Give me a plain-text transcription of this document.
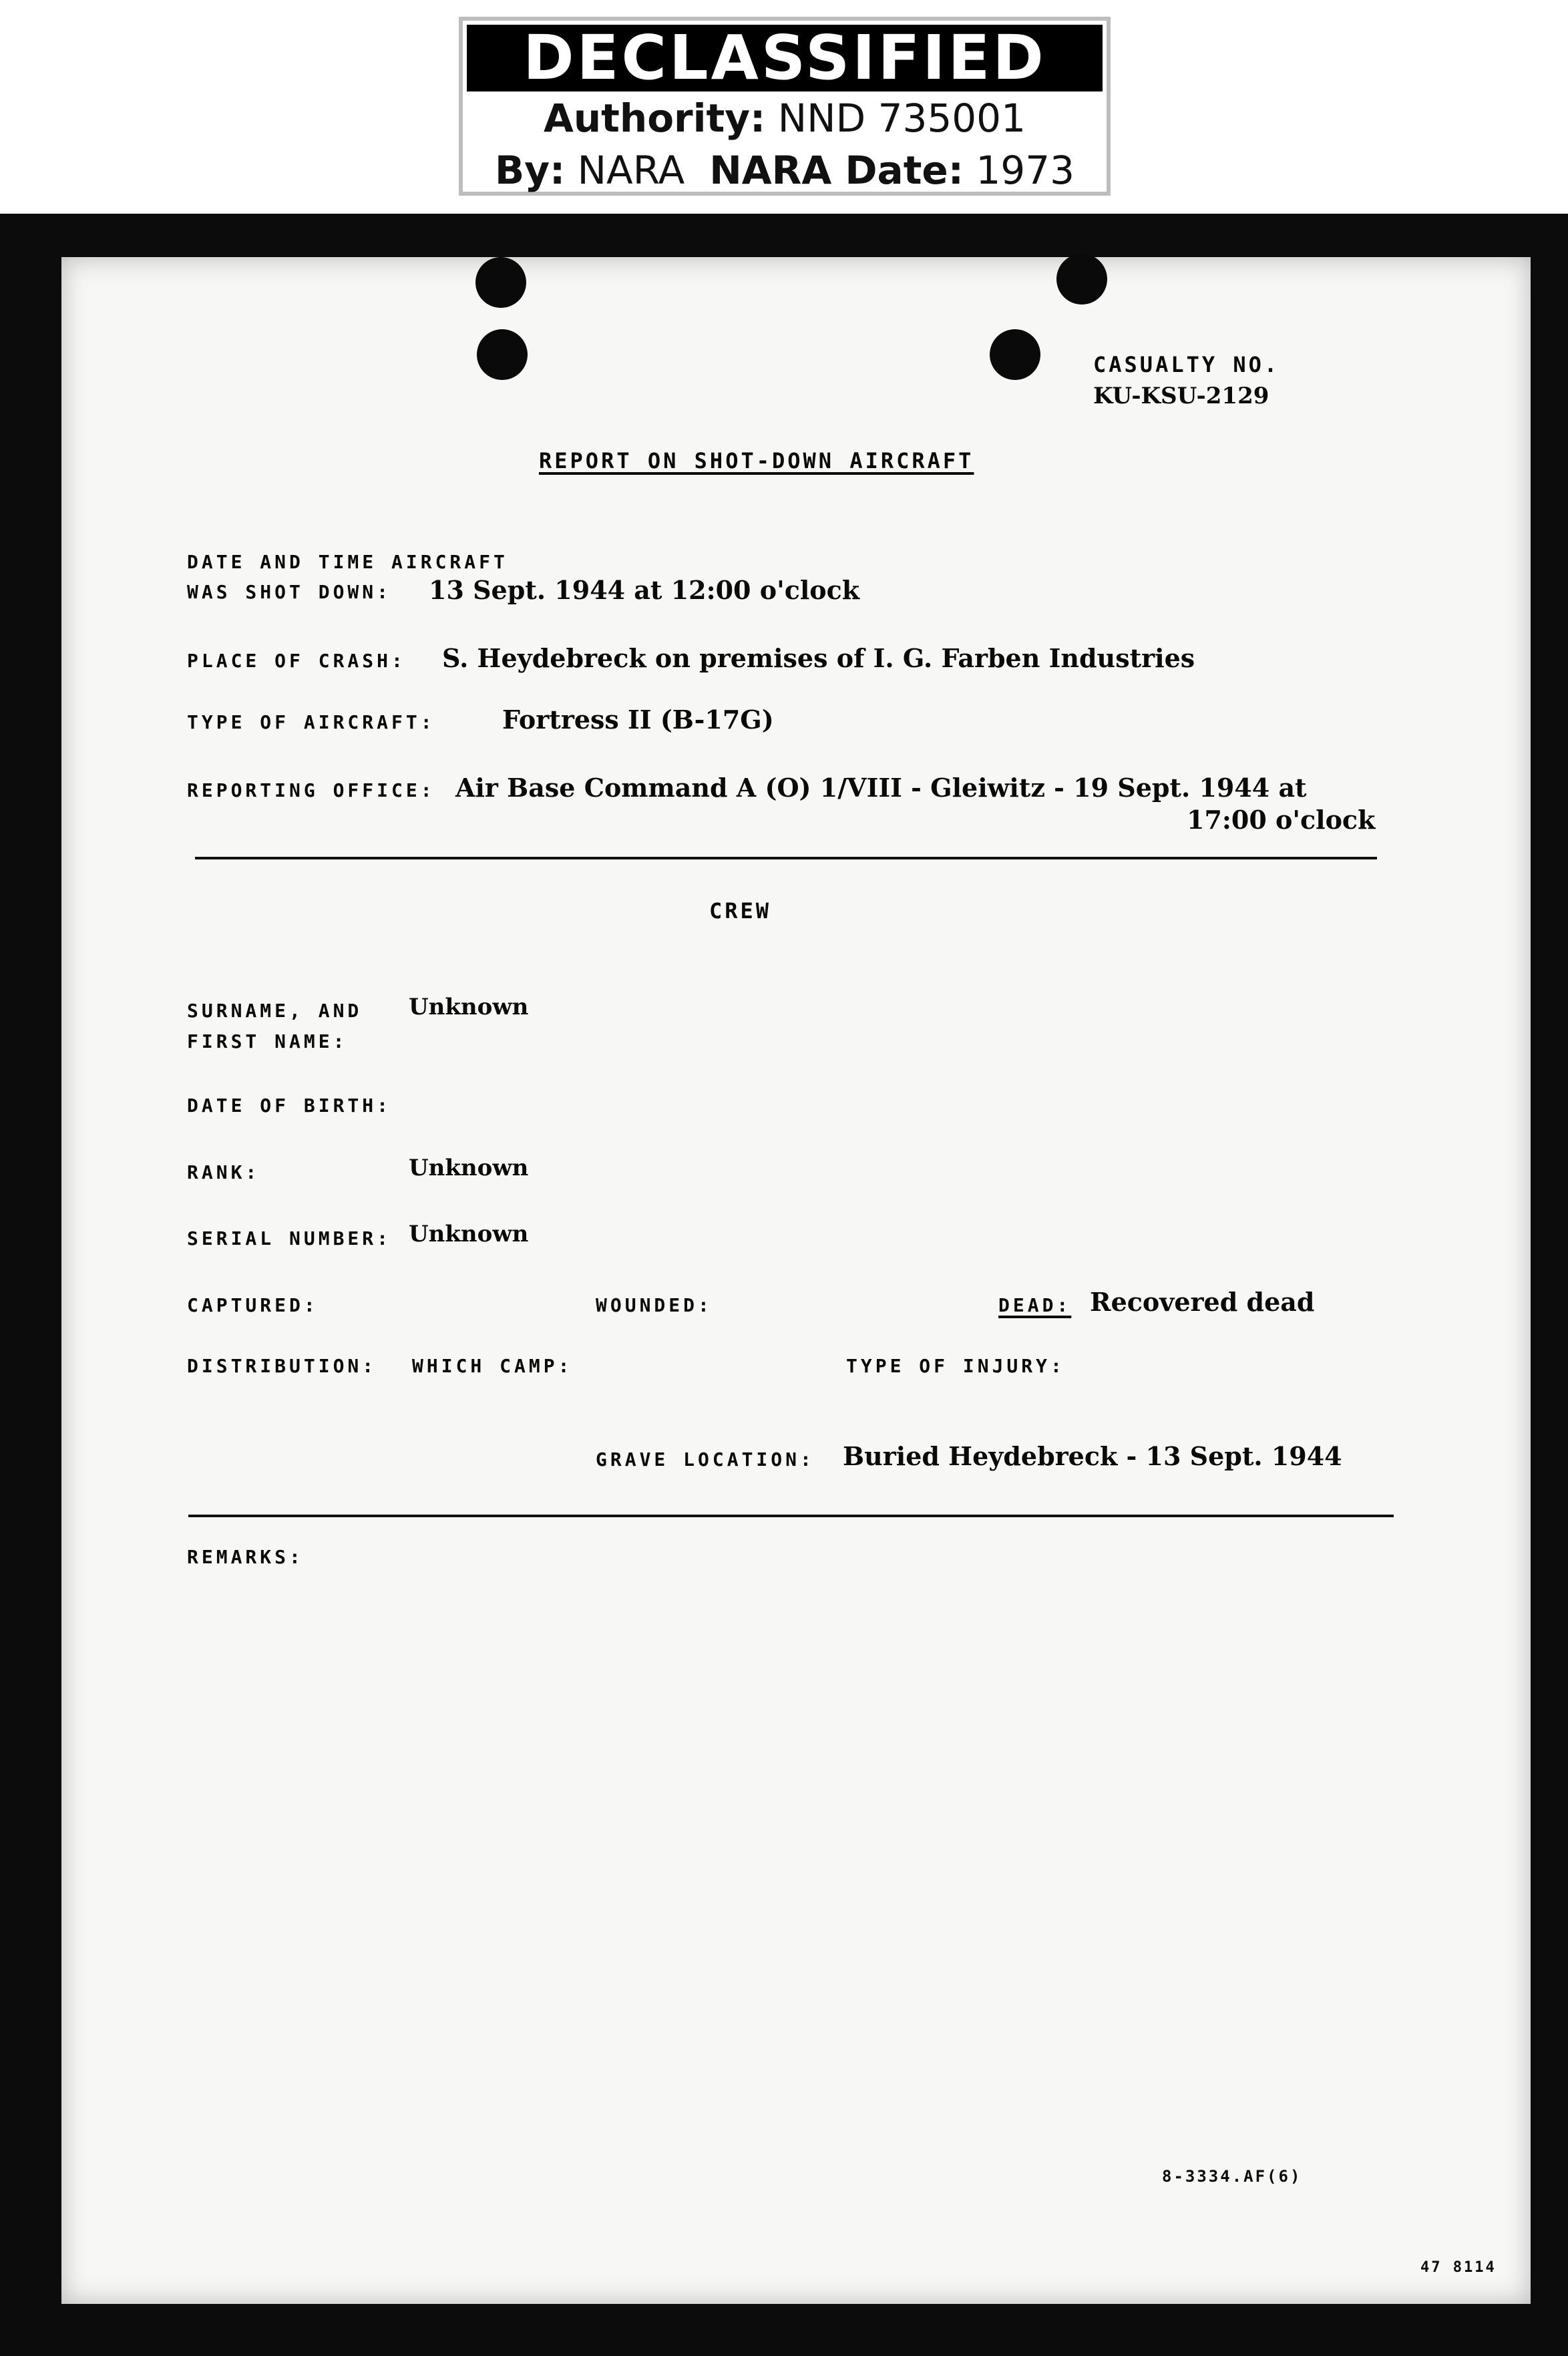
DECLASSIFIED
Authority: NND 735001
By: NARA NARA Date: 1973
CASUALTY NO.
KU-KSU-2129
REPORT ON SHOT-DOWN AIRCRAFT
DATE AND TIME AIRCRAFT
WAS SHOT DOWN: 13 Sept. 1944 at 12:00 o'clock
PLACE OF CRASH: S. Heydebreck on premises of I. G. Farben Industries
TYPE OF AIRCRAFT:	Fortress II (B-17G)
REPORTING OFFICE: Air Base Command A (O) 1/VIII - Gleiwitz - 19 Sept. 1944 at
17:00 o'clock
CREW
SURNAME, AND
FIRST NAME:
Unknown
DATE OF BIRTH:
RANK:	Unknown
SERIAL NUMBER: Unknown
CAPTURED:	WOUNDED:	DEAD: Recovered dead
DISTRIBUTION: WHICH CAMP:	TYPE OF INJURY:
GRAVE LOCATION: Buried Heydebreck - 13 Sept. 1944
REMARKS:
8-3334.AF(6)
47 8114
